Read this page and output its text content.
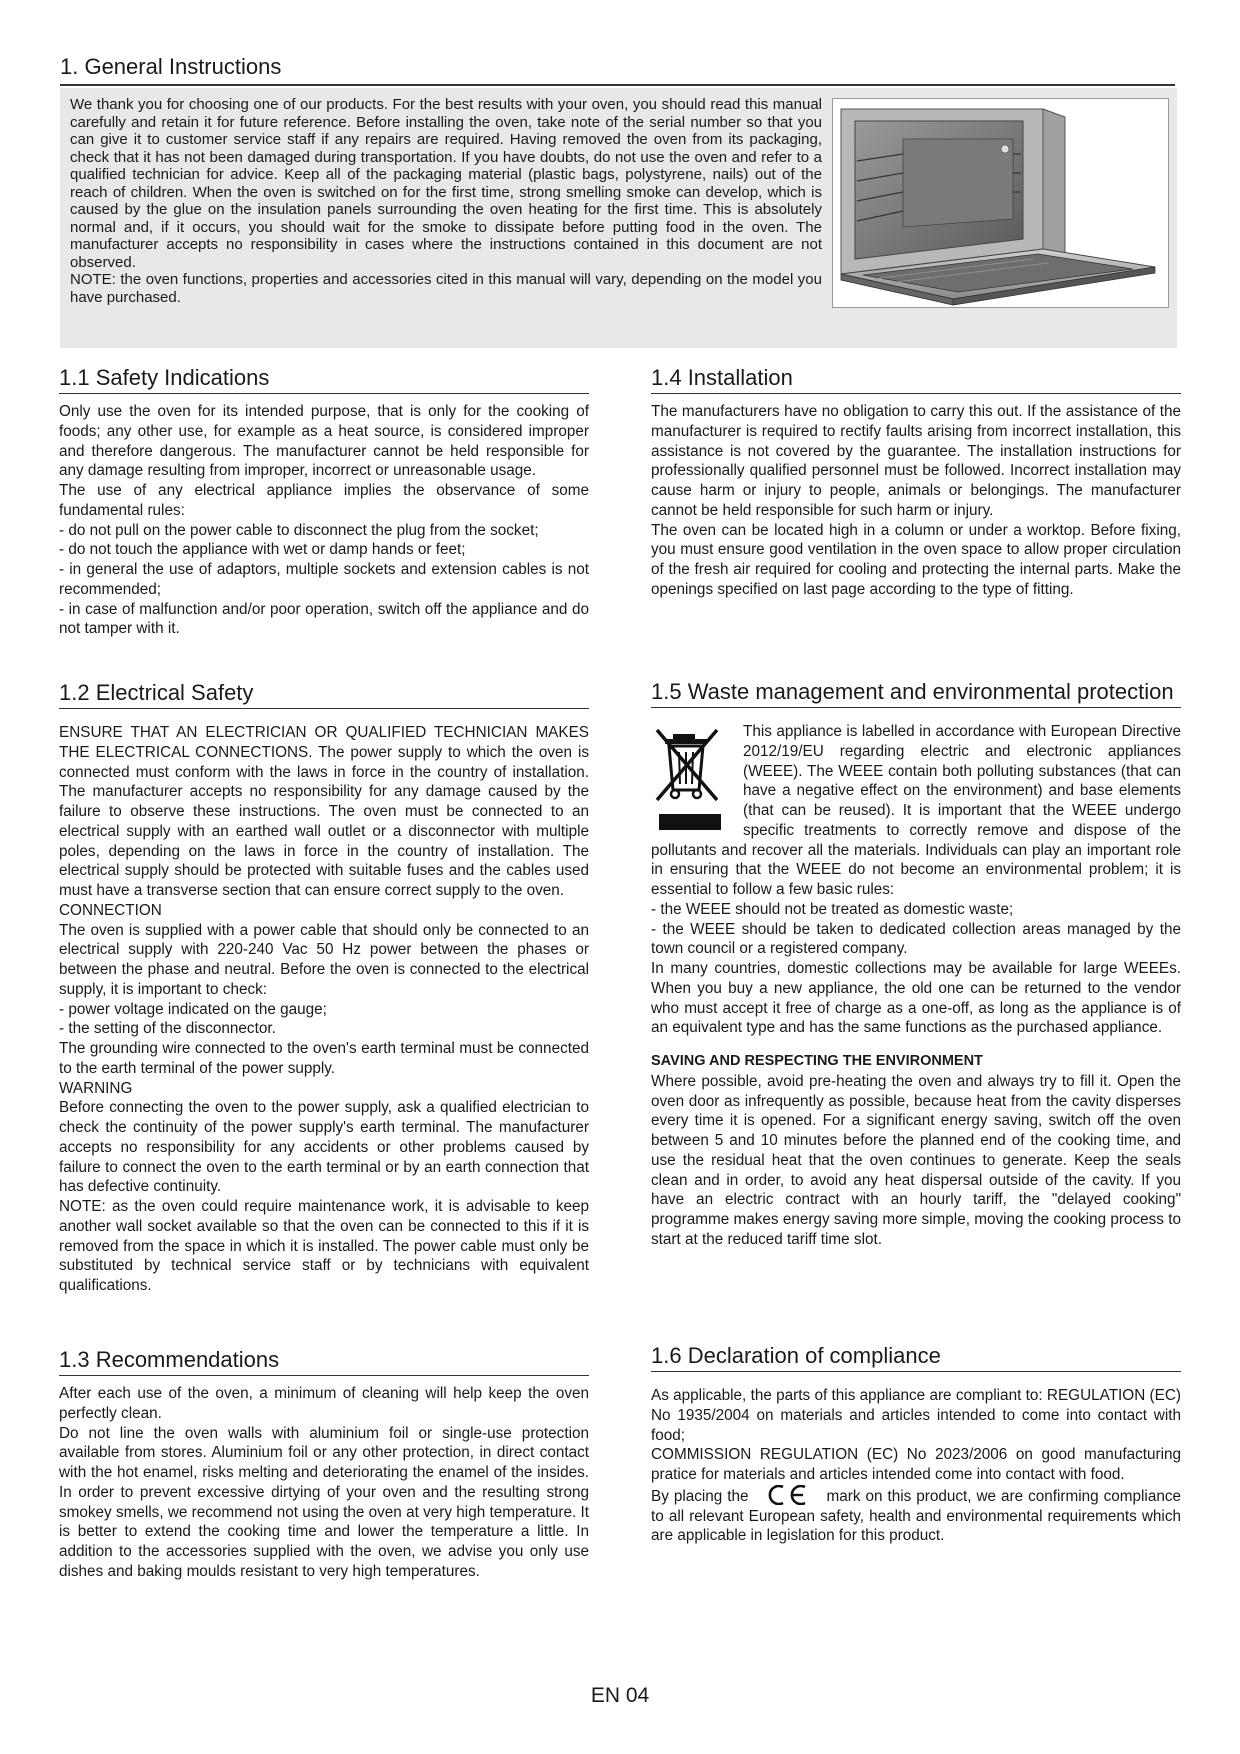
1. General Instructions

We thank you for choosing one of our products. For the best results with your oven, you should read this manual carefully and retain it for future reference. Before installing the oven, take note of the serial number so that you can give it to customer service staff if any repairs are required. Having removed the oven from its packaging, check that it has not been damaged during transportation. If you have doubts, do not use the oven and refer to a qualified technician for advice. Keep all of the packaging material (plastic bags, polystyrene, nails) out of the reach of children. When the oven is switched on for the first time, strong smelling smoke can develop, which is caused by the glue on the insulation panels surrounding the oven heating for the first time. This is absolutely normal and, if it occurs, you should wait for the smoke to dissipate before putting food in the oven. The manufacturer accepts no responsibility in cases where the instructions contained in this document are not observed.

NOTE: the oven functions, properties and accessories cited in this manual will vary, depending on the model you have purchased.

1.1 Safety Indications

Only use the oven for its intended purpose, that is only for the cooking of foods; any other use, for example as a heat source, is considered improper and therefore dangerous. The manufacturer cannot be held responsible for any damage resulting from improper, incorrect or unreasonable usage.

The use of any electrical appliance implies the observance of some fundamental rules:

- do not pull on the power cable to disconnect the plug from the socket;

- do not touch the appliance with wet or damp hands or feet;

- in general the use of adaptors, multiple sockets and extension cables is not recommended;

- in case of malfunction and/or poor operation, switch off the appliance and do not tamper with it.

1.2 Electrical Safety

ENSURE THAT AN ELECTRICIAN OR QUALIFIED TECHNICIAN MAKES THE ELECTRICAL CONNECTIONS. The power supply to which the oven is connected must conform with the laws in force in the country of installation. The manufacturer accepts no responsibility for any damage caused by the failure to observe these instructions. The oven must be connected to an electrical supply with an earthed wall outlet or a disconnector with multiple poles, depending on the laws in force in the country of installation. The electrical supply should be protected with suitable fuses and the cables used must have a transverse section that can ensure correct supply to the oven.

CONNECTION

The oven is supplied with a power cable that should only be connected to an electrical supply with 220-240 Vac 50 Hz power between the phases or between the phase and neutral. Before the oven is connected to the electrical supply, it is important to check:

- power voltage indicated on the gauge;

- the setting of the disconnector.

The grounding wire connected to the oven's earth terminal must be connected to the earth terminal of the power supply.

WARNING

Before connecting the oven to the power supply, ask a qualified electrician to check the continuity of the power supply's earth terminal. The manufacturer accepts no responsibility for any accidents or other problems caused by failure to connect the oven to the earth terminal or by an earth connection that has defective continuity.

NOTE: as the oven could require maintenance work, it is advisable to keep another wall socket available so that the oven can be connected to this if it is removed from the space in which it is installed. The power cable must only be substituted by technical service staff or by technicians with equivalent qualifications.

1.3 Recommendations

After each use of the oven, a minimum of cleaning will help keep the oven perfectly clean.

Do not line the oven walls with aluminium foil or single-use protection available from stores. Aluminium foil or any other protection, in direct contact with the hot enamel, risks melting and deteriorating the enamel of the insides. In order to prevent excessive dirtying of your oven and the resulting strong smokey smells, we recommend not using the oven at very high temperature. It is better to extend the cooking time and lower the temperature a little. In addition to the accessories supplied with the oven, we advise you only use dishes and baking moulds resistant to very high temperatures.

1.4 Installation

The manufacturers have no obligation to carry this out. If the assistance of the manufacturer is required to rectify faults arising from incorrect installation, this assistance is not covered by the guarantee. The installation instructions for professionally qualified personnel must be followed. Incorrect installation may cause harm or injury to people, animals or belongings. The manufacturer cannot be held responsible for such harm or injury.

The oven can be located high in a column or under a worktop. Before fixing, you must ensure good ventilation in the oven space to allow proper circulation of the fresh air required for cooling and protecting the internal parts. Make the openings specified on last page according to the type of fitting.

1.5 Waste management and environmental protection

This appliance is labelled in accordance with European Directive 2012/19/EU regarding electric and electronic appliances (WEEE). The WEEE contain both polluting substances (that can have a negative effect on the environment) and base elements (that can be reused). It is important that the WEEE undergo specific treatments to correctly remove and dispose of the pollutants and recover all the materials. Individuals can play an important role in ensuring that the WEEE do not become an environmental problem; it is essential to follow a few basic rules:

- the WEEE should not be treated as domestic waste;

- the WEEE should be taken to dedicated collection areas managed by the town council or a registered company.

In many countries, domestic collections may be available for large WEEEs. When you buy a new appliance, the old one can be returned to the vendor who must accept it free of charge as a one-off, as long as the appliance is of an equivalent type and has the same functions as the purchased appliance.

SAVING AND RESPECTING THE ENVIRONMENT

Where possible, avoid pre-heating the oven and always try to fill it. Open the oven door as infrequently as possible, because heat from the cavity disperses every time it is opened. For a significant energy saving, switch off the oven between 5 and 10 minutes before the planned end of the cooking time, and use the residual heat that the oven continues to generate. Keep the seals clean and in order, to avoid any heat dispersal outside of the cavity. If you have an electric contract with an hourly tariff, the "delayed cooking" programme makes energy saving more simple, moving the cooking process to start at the reduced tariff time slot.

1.6 Declaration of compliance

As applicable, the parts of this appliance are compliant to: REGULATION (EC) No 1935/2004 on materials and articles intended to come into contact with food;

COMMISSION REGULATION (EC) No 2023/2006 on good manufacturing pratice for materials and articles intended come into contact with food.

By placing the	mark on this product, we are confirming compliance to all relevant European safety, health and environmental requirements which are applicable in legislation for this product.

EN 04
